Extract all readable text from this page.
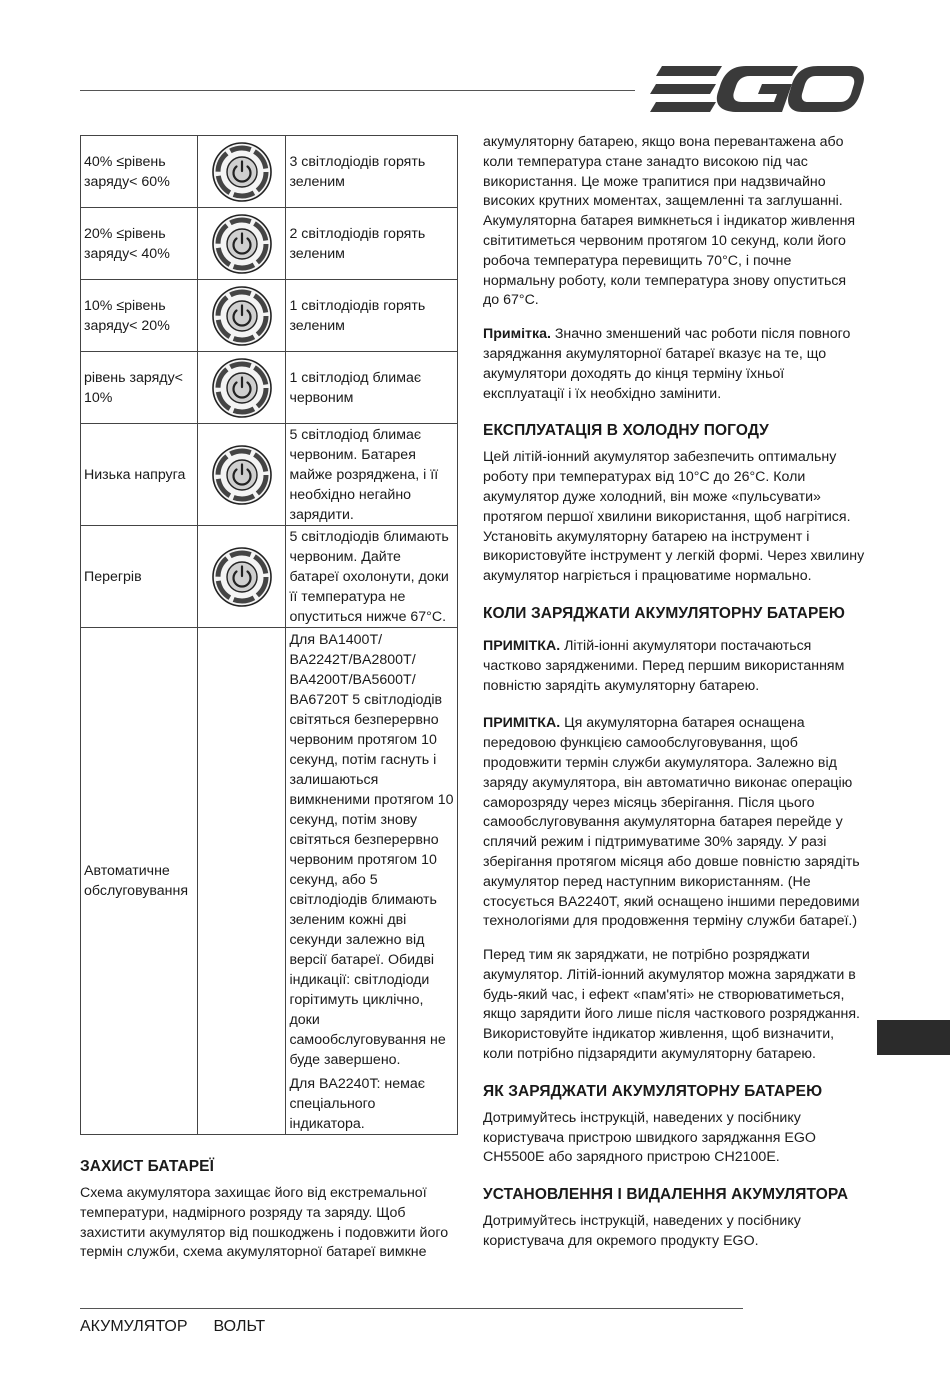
40% ≤рівень заряду< 60%		3 світлодіодів горять зеленим

20% ≤рівень заряду< 40%		2 світлодіодів горять зеленим

10% ≤рівень заряду< 20%		1 світлодіодів горять зеленим

рівень заряду< 10%		1 світлодіод блимає червоним

Низька напруга		5 світлодіод блимає червоним. Батарея майже розряджена, і її необхідно негайно зарядити.

Перегрів		5 світлодіодів блимають червоним. Дайте батареї охолонути, доки її температура не опуститься нижче 67°C.

Автоматичне обслуговування		Для BA1400T/ BA2242T/BA2800T/ BA4200T/BA5600T/ BA6720T 5 світлодіодів світяться безперервно червоним протягом 10 секунд, потім гаснуть і залишаються вимкненими протягом 10 секунд, потім знову світяться безперервно червоним протягом 10 секунд, або 5 світлодіодів блимають зеленим кожні дві секунди залежно від версії батареї. Обидві індикації: світлодіоди горітимуть циклічно, доки самообслуговування не буде завершено.

Для BA2240T: немає спеціального індикатора.

ЗАХИСТ БАТАРЕЇ

Схема акумулятора захищає його від екстремальної температури, надмірного розряду та заряду. Щоб захистити акумулятор від пошкоджень і подовжити його термін служби, схема акумуляторної батареї вимкне

акумуляторну батарею, якщо вона перевантажена або коли температура стане занадто високою під час використання. Це може трапитися при надзвичайно високих крутних моментах, защемленні та заглушанні. Акумуляторна батарея вимкнеться і індикатор живлення світитиметься червоним протягом 10 секунд, коли його робоча температура перевищить 70°C, і почне нормальну роботу, коли температура знову опуститься до 67°C.

Примітка. Значно зменшений час роботи після повного заряджання акумуляторної батареї вказує на те, що акумулятори доходять до кінця терміну їхньої експлуатації і їх необхідно замінити.

ЕКСПЛУАТАЦІЯ В ХОЛОДНУ ПОГОДУ

Цей літій-іонний акумулятор забезпечить оптимальну роботу при температурах від 10°C до 26°C. Коли акумулятор дуже холодний, він може «пульсувати» протягом першої хвилини використання, щоб нагрітися. Установіть акумуляторну батарею на інструмент і використовуйте інструмент у легкій формі. Через хвилину акумулятор нагріється і працюватиме нормально.

КОЛИ ЗАРЯДЖАТИ АКУМУЛЯТОРНУ БАТАРЕЮ

ПРИМІТКА. Літій-іонні акумулятори постачаються частково зарядженими. Перед першим використанням повністю зарядіть акумуляторну батарею.

ПРИМІТКА. Ця акумуляторна батарея оснащена передовою функцією самообслуговування, щоб продовжити термін служби акумулятора. Залежно від заряду акумулятора, він автоматично виконає операцію саморозряду через місяць зберігання. Після цього самообслуговування акумуляторна батарея перейде у сплячий режим і підтримуватиме 30% заряду. У разі зберігання протягом місяця або довше повністю зарядіть акумулятор перед наступним використанням. (Не стосується BA2240T, який оснащено іншими передовими технологіями для продовження терміну служби батареї.)

Перед тим як заряджати, не потрібно розряджати акумулятор. Літій-іонний акумулятор можна заряджати в будь-який час, і ефект «пам'яті» не створюватиметься, якщо зарядити його лише після часткового розряджання. Використовуйте індикатор живлення, щоб визначити, коли потрібно підзарядити акумуляторну батарею.

ЯК ЗАРЯДЖАТИ АКУМУЛЯТОРНУ БАТАРЕЮ

Дотримуйтесь інструкцій, наведених у посібнику користувача пристрою швидкого заряджання EGO CH5500E або зарядного пристрою CH2100E.

УСТАНОВЛЕННЯ І ВИДАЛЕННЯ АКУМУЛЯТОРА

Дотримуйтесь інструкцій, наведених у посібнику користувача для окремого продукту EGO.

АКУМУЛЯТОР ВОЛЬТ
